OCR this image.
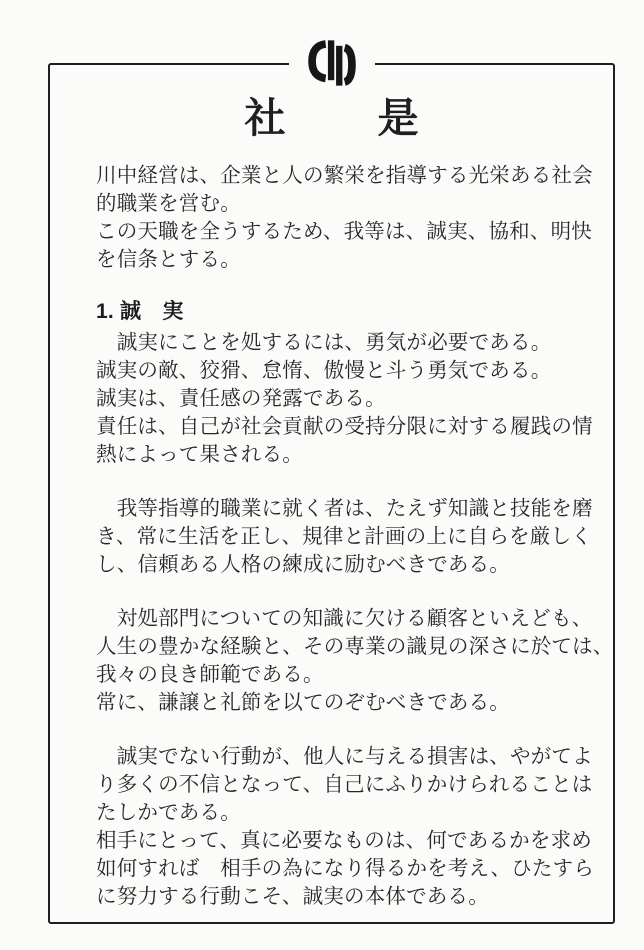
社 是
川中経営は、企業と人の繁栄を指導する光栄ある社会
的職業を営む。
この天職を全うするため、我等は、誠実、協和、明快
を信条とする。
1. 誠　実
　誠実にことを処するには、勇気が必要である。
誠実の敵、狡猾、怠惰、傲慢と斗う勇気である。
誠実は、責任感の発露である。
責任は、自己が社会貢献の受持分限に対する履践の情
熱によって果される。
　我等指導的職業に就く者は、たえず知識と技能を磨
き、常に生活を正し、規律と計画の上に自らを厳しく
し、信頼ある人格の練成に励むべきである。
　対処部門についての知識に欠ける顧客といえども、
人生の豊かな経験と、その専業の識見の深さに於ては、
我々の良き師範である。
常に、謙譲と礼節を以てのぞむべきである。
　誠実でない行動が、他人に与える損害は、やがてよ
り多くの不信となって、自己にふりかけられることは
たしかである。
相手にとって、真に必要なものは、何であるかを求め
如何すれば　相手の為になり得るかを考え、ひたすら
に努力する行動こそ、誠実の本体である。
